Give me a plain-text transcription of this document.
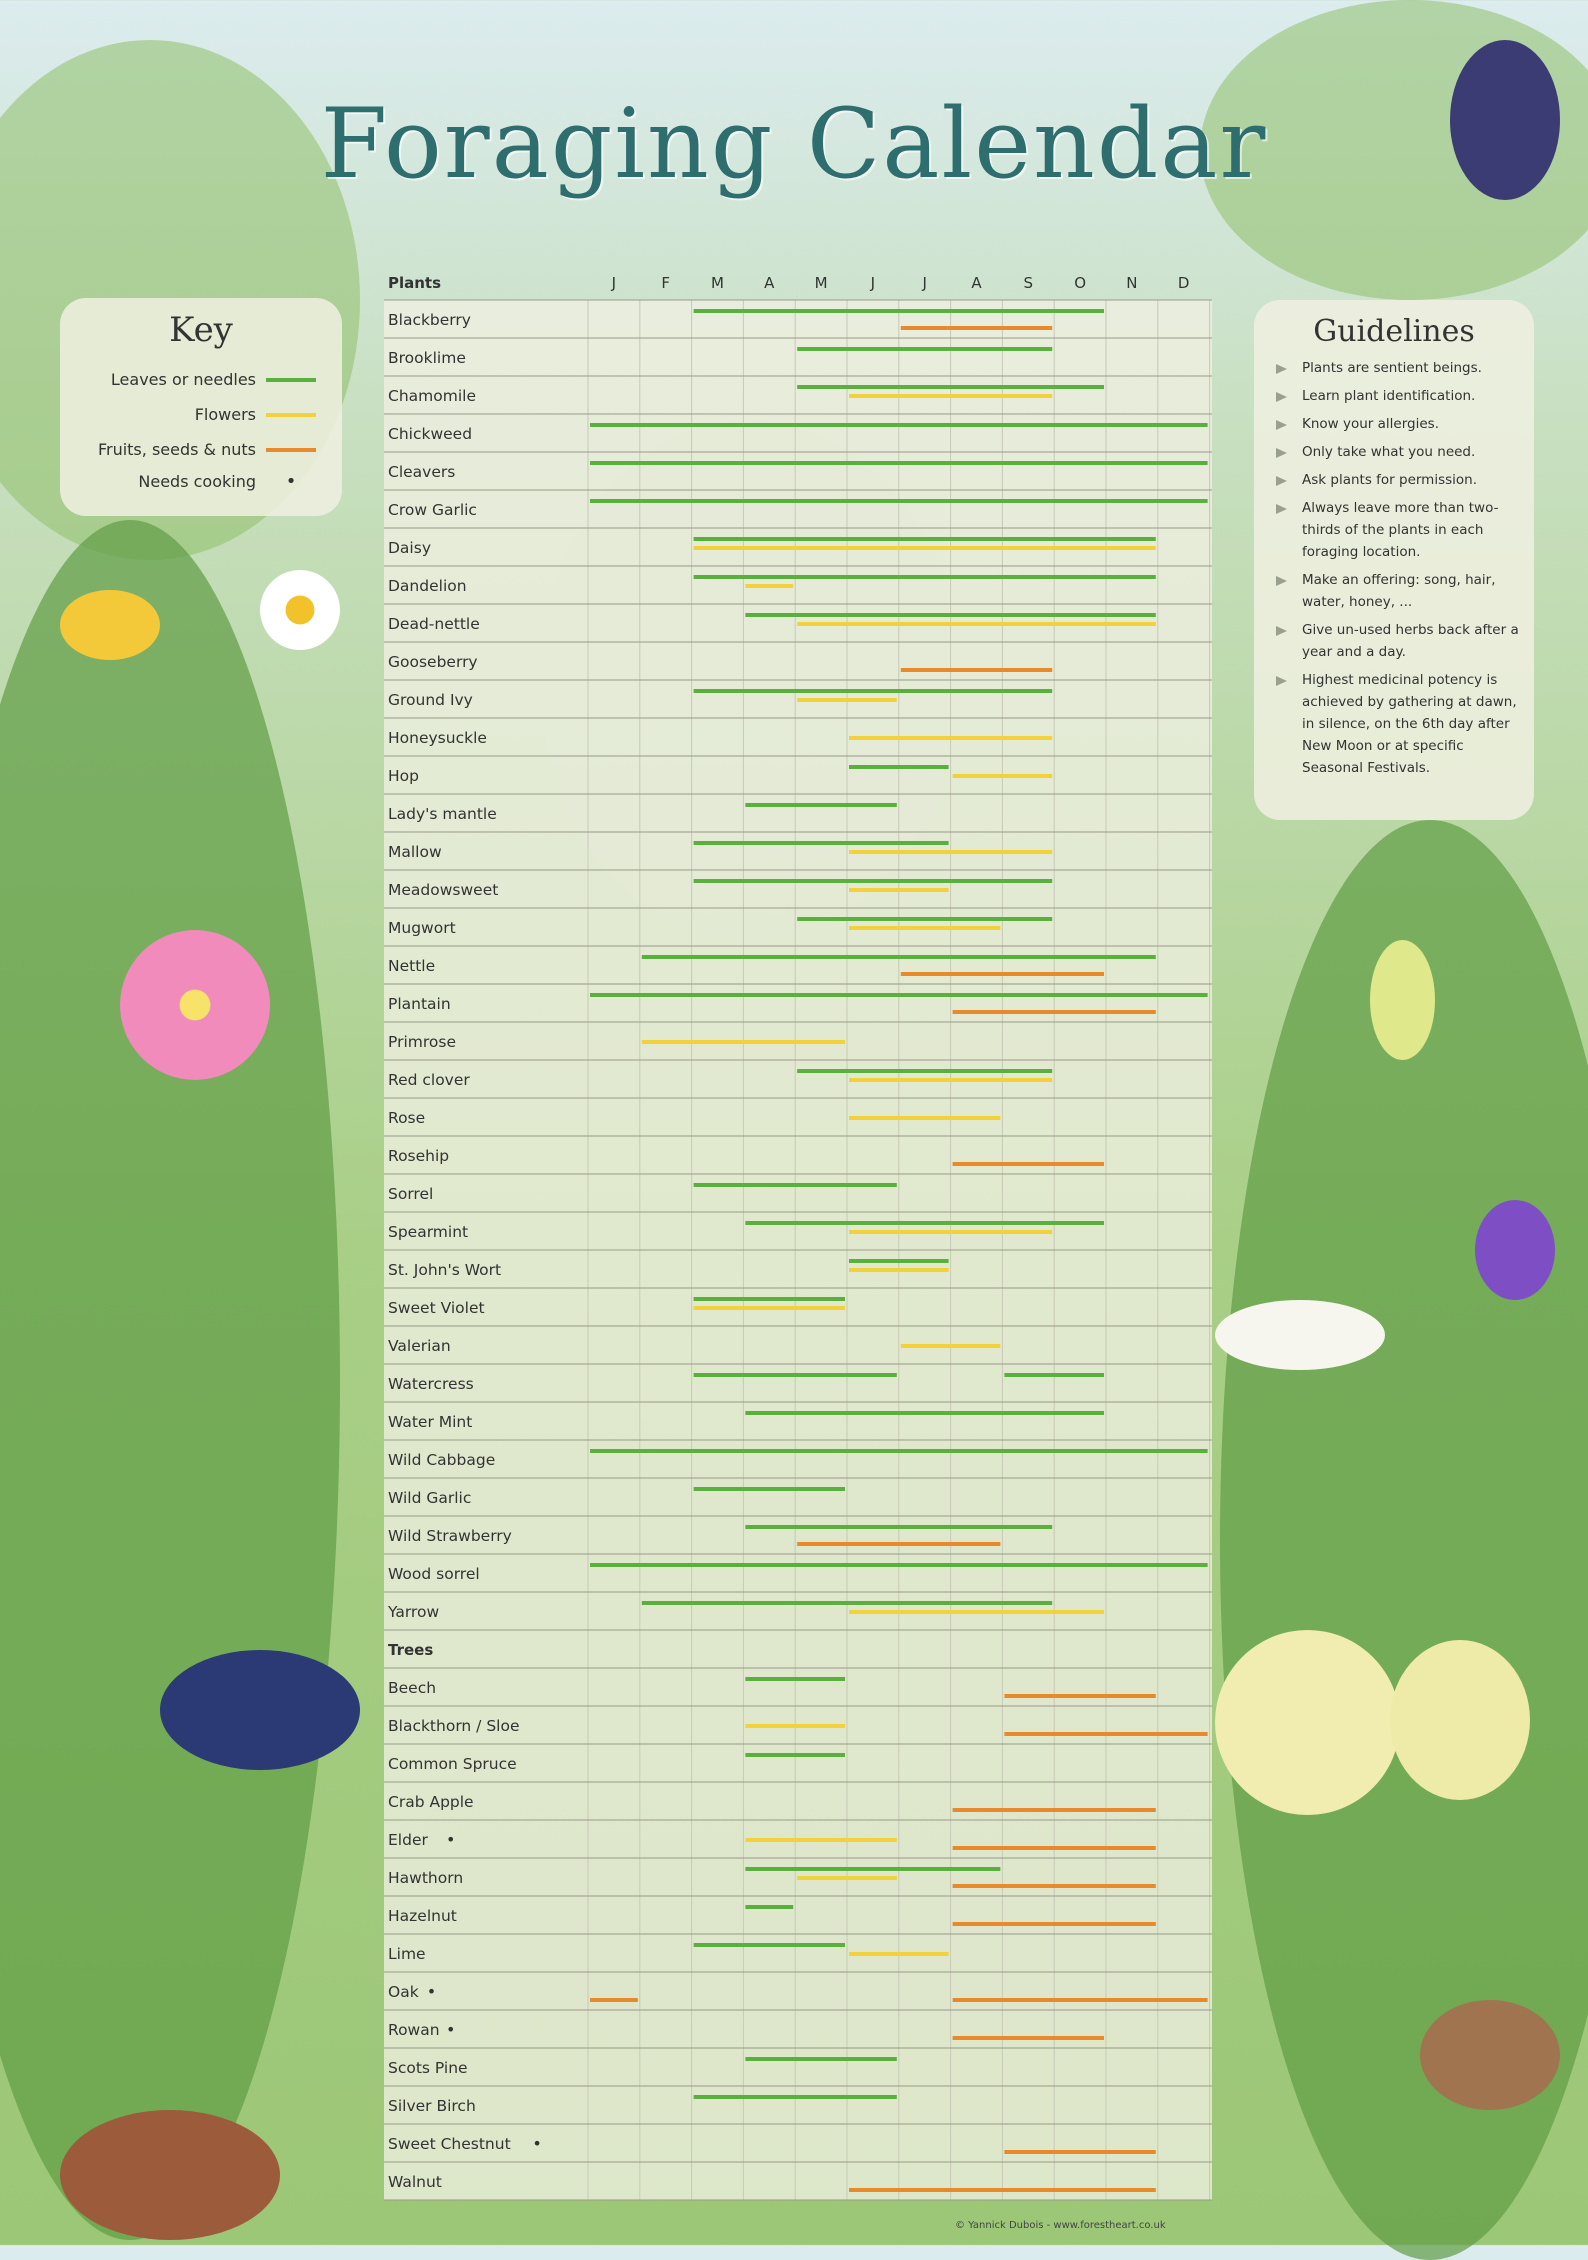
Foraging Calendar
Key
Leaves or needles
Flowers
Fruits, seeds & nuts
Needs cooking	•
Guidelines
Plants are sentient beings.
Learn plant identification.
Know your allergies.
Only take what you need.
Ask plants for permission.
Always leave more than two-thirds of the plants in each foraging location.
Make an offering: song, hair, water, honey, ...
Give un-used herbs back after a year and a day.
Highest medicinal potency is achieved by gathering at dawn, in silence, on the 6th day after New Moon or at specific Seasonal Festivals.
J	F	M	A	M	J	J	A	S	O	N	D
Plants
Blackberry
Brooklime
Chamomile
Chickweed
Cleavers
Crow Garlic
Daisy
Dandelion
Dead-nettle
Gooseberry
Ground Ivy
Honeysuckle
Hop
Lady's mantle
Mallow
Meadowsweet
Mugwort
Nettle
Plantain
Primrose
Red clover
Rose
Rosehip
Sorrel
Spearmint
St. John's Wort
Sweet Violet
Valerian
Watercress
Water Mint
Wild Cabbage
Wild Garlic
Wild Strawberry
Wood sorrel
Yarrow
Trees
Beech
Blackthorn / Sloe
Common Spruce
Crab Apple
Elder •
Hawthorn
Hazelnut
Lime
Oak •
Rowan •
Scots Pine
Silver Birch
Sweet Chestnut •
Walnut
© Yannick Dubois - www.forestheart.co.uk
